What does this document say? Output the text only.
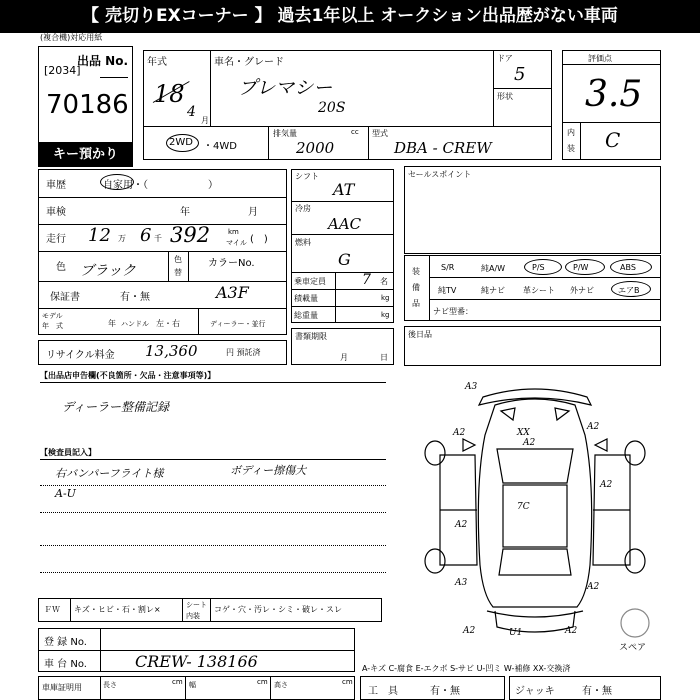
【 売切りEXコーナー 】 過去1年以上 オークション出品歴がない車両
(複合機)対応用紙
出品 No.
[2034]
70186
キー預かり
年式
18
4
月
車名・グレード
プレマシー
20S
ドア
5
形状
2WD ・4WD
排気量	cc
2000
型式
DBA - CREW
評価点
3.5
内
装 C
車歴	自家用・（　　　　　　）
車検	年	月
走行 12 万 6 千 392	km
マイル (　)
色 ブラック
色
替
カラーNo.
保証書	有・無	A3F
モデル
年　式	年 ハンドル 左・右	ディーラー・並行
リサイクル料金 13,360	円 預託済
シフト
AT
冷房
AAC
燃料
G
乗車定員	7 名
積載量	kg
総重量	kg
書類期限
月	日
セールスポイント
装
備
品
S/R	純A/W	P/S	P/W	ABS
純TV	純ナビ 革シート 外ナビ	エアB
ナビ型番：
後日品
【出品店申告欄(不良箇所・欠品・注意事項等)】
ディーラー整備記録
【検査員記入】
右バンパーフライト様
A-U
ボディー擦傷大
ＦＷ キズ・ヒビ・石・割レ×	シート
内装
コゲ・穴・汚レ・シミ・破レ・スレ
登 録 No.
車 台 No.	CREW- 138166	A-キズ C-腐食 E-エクボ S-サビ U-凹ミ W-補修 XX-交換済
車庫証明用	長さ	cm 幅	cm 高さ	cm
工　具	有・無	ジャッキ	有・無
A3
A2	XX
A2
A2
A2
A3	A2
A2	A2
U1
A2
7C
スペア
